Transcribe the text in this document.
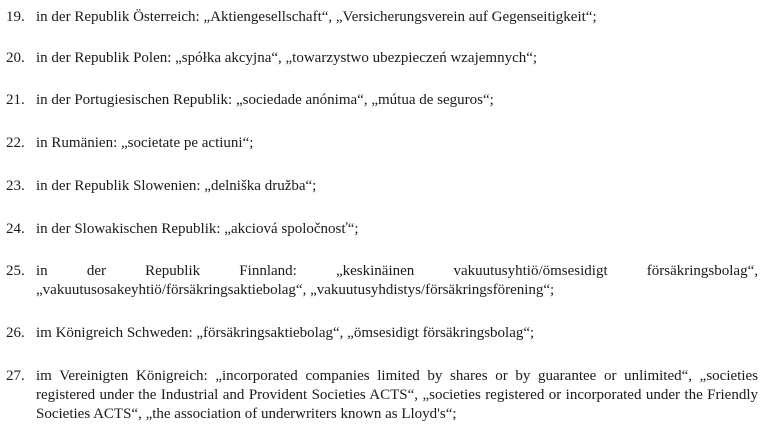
19. in der Republik Österreich: „Aktiengesellschaft“, „Versicherungsverein auf Gegenseitigkeit“;
20. in der Republik Polen: „spółka akcyjna“, „towarzystwo ubezpieczeń wzajemnych“;
21. in der Portugiesischen Republik: „sociedade anónima“, „mútua de seguros“;
22. in Rumänien: „societate pe actiuni“;
23. in der Republik Slowenien: „delniška družba“;
24. in der Slowakischen Republik: „akciová spoločnosť“;
25. in der Republik Finnland: „keskinäinen vakuutusyhtiö/ömsesidigt försäkringsbolag“, „vakuutusosakeyhtiö/försäkringsaktiebolag“, „vakuutusyhdistys/försäkringsförening“;
26. im Königreich Schweden: „försäkringsaktiebolag“, „ömsesidigt försäkringsbolag“;
27. im Vereinigten Königreich: „incorporated companies limited by shares or by guarantee or unlimited“, „societies registered under the Industrial and Provident Societies ACTS“, „societies registered or incorporated under the Friendly Societies ACTS“, „the association of underwriters known as Lloyd's“;
